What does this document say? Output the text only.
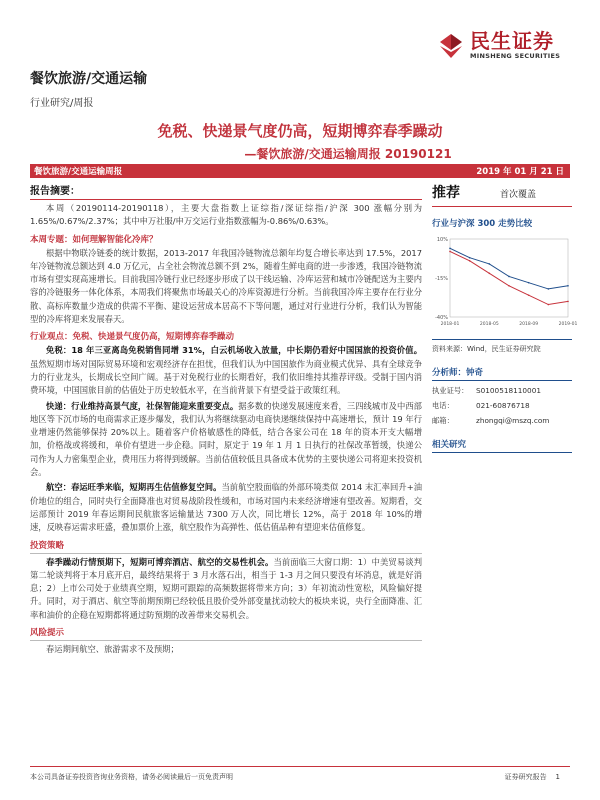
民生证券
MINSHENG SECURITIES
餐饮旅游/交通运输
行业研究/周报
免税、快递景气度仍高，短期博弈春季躁动
—餐饮旅游/交通运输周报 20190121
餐饮旅游/交通运输周报	2019 年 01 月 21 日
报告摘要：

本周（20190114-20190118），主要大盘指数上证综指/深证综指/沪深 300 涨幅分别为 1.65%/0.67%/2.37%；其中申万社服/申万交运行业指数涨幅为-0.86%/0.63%。

本周专题：如何理解智能化冷库？

根据中物联冷链委的统计数据，2013-2017 年我国冷链物流总额年均复合增长率达到 17.5%，2017 年冷链物流总额达到 4.0 万亿元，占全社会物流总额不到 2%，随着生鲜电商的进一步渗透，我国冷链物流市场有望实现高速增长。目前我国冷链行业已经逐步形成了以干线运输、冷库运营和城市冷链配送为主要内容的冷链服务一体化体系，本周我们将聚焦市场最关心的冷库资源进行分析。当前我国冷库主要存在行业分散、高标库数量少造成的供需不平衡、建设运营成本居高不下等问题，通过对行业进行分析，我们认为智能型的冷库将迎来发展春天。

行业观点：免税、快递景气度仍高，短期博弈春季躁动

免税：18 年三亚离岛免税销售同增 31%，白云机场收入放量，中长期仍看好中国国旅的投资价值。虽然短期市场对国际贸易环境和宏观经济存在担忧，但我们认为中国国旅作为商业模式优异、具有全球竞争力的行业龙头，长期成长空间广阔。基于对免税行业的长期看好，我们依旧维持其推荐评级。受制于国内消费环境，中国国旅目前的估值处于历史较低水平，在当前背景下有望受益于政策红利。

快递：行业维持高景气度，社保智能迎来重要变点。据多数的快递发展速度来看，三四线城市及中西部地区等下沉市场的电商需求正逐步爆发，我们认为将继续驱动电商快递继续保持中高速增长，预计 19 年行业增速仍然能够保持 20%以上。随着客户价格敏感性的降低，结合各家公司在 18 年的资本开支大幅增加，价格战或将缓和，单价有望进一步企稳。同时，原定于 19 年 1 月 1 日执行的社保改革暂缓，快递公司作为人力密集型企业，费用压力将得到缓解。当前估值较低且具备成本优势的主要快递公司将迎来投资机会。

航空：春运旺季来临，短期再生估值修复空间。当前航空股面临的外部环境类似 2014 末汇率回升+油价地位的组合，同时央行全面降准也对贸易战阶段性缓和，市场对国内未来经济增速有望改善。短期看，交运部预计 2019 年春运期间民航旅客运输量达 7300 万人次，同比增长 12%，高于 2018 年 10%的增速，反映春运需求旺盛，叠加票价上涨，航空股作为高弹性、低估值品种有望迎来估值修复。

投资策略

春季躁动行情预期下，短期可博弈酒店、航空的交易性机会。当前面临三大窗口期：1）中美贸易谈判第二轮谈判将于本月底开启，最终结果将于 3 月水落石出，相当于 1-3 月之间只要没有坏消息，就是好消息；2）上市公司处于业绩真空期，短期可跟踪的高频数据将带来方向；3）年初流动性宽松，风险偏好提升。同时，对于酒店、航空等前期预期已经较低且股价受外部变量扰动较大的板块来说，央行全面降准、汇率和油价的企稳在短期都将通过防预期的改善带来交易机会。

风险提示

春运期间航空、旅游需求不及预期；

推荐	首次覆盖
行业与沪深 300 走势比较
-40%
-15%
10%
2018-01	2018-05	2018-09	2019-01
资料来源：Wind，民生证券研究院
分析师：钟奇
执业证号：	S0100518110001
电话：	021-60876718
邮箱：	zhongqi@mszq.com
相关研究
本公司具备证券投资咨询业务资格，请务必阅读最后一页免责声明	证券研究报告 1
